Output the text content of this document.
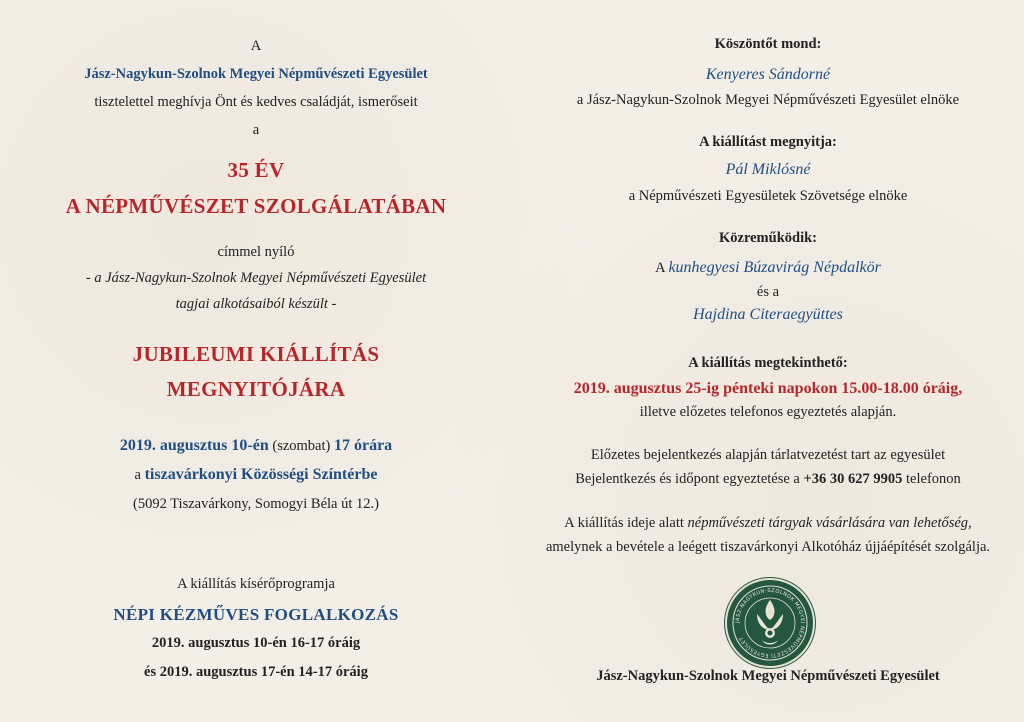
A
Jász-Nagykun-Szolnok Megyei Népművészeti Egyesület
tisztelettel meghívja Önt és kedves családját, ismerőseit
a
35 ÉV
A NÉPMŰVÉSZET SZOLGÁLATÁBAN
címmel nyíló
- a Jász-Nagykun-Szolnok Megyei Népművészeti Egyesület
tagjai alkotásaiból készült -
JUBILEUMI KIÁLLÍTÁS
MEGNYITÓJÁRA
2019. augusztus 10-én (szombat) 17 órára
a tiszavárkonyi Közösségi Színtérbe
(5092 Tiszavárkony, Somogyi Béla út 12.)
A kiállítás kísérőprogramja
NÉPI KÉZMŰVES FOGLALKOZÁS
2019. augusztus 10-én 16-17 óráig
és 2019. augusztus 17-én 14-17 óráig
Köszöntőt mond:
Kenyeres Sándorné
a Jász-Nagykun-Szolnok Megyei Népművészeti Egyesület elnöke
A kiállítást megnyitja:
Pál Miklósné
a Népművészeti Egyesületek Szövetsége elnöke
Közreműködik:
A kunhegyesi Búzavirág Népdalkör
és a
Hajdina Citeraegyüttes
A kiállítás megtekinthető:
2019. augusztus 25-ig pénteki napokon 15.00-18.00 óráig,
illetve előzetes telefonos egyeztetés alapján.
Előzetes bejelentkezés alapján tárlatvezetést tart az egyesület
Bejelentkezés és időpont egyeztetése a +36 30 627 9905 telefonon
A kiállítás ideje alatt népművészeti tárgyak vásárlására van lehetőség,
amelynek a bevétele a leégett tiszavárkonyi Alkotóház újjáépítését szolgálja.
Jász-Nagykun-Szolnok Megyei Népművészeti Egyesület
JÁSZ-NAGYKUN-SZOLNOK MEGYEI NÉPMŰVÉSZETI EGYESÜLET
